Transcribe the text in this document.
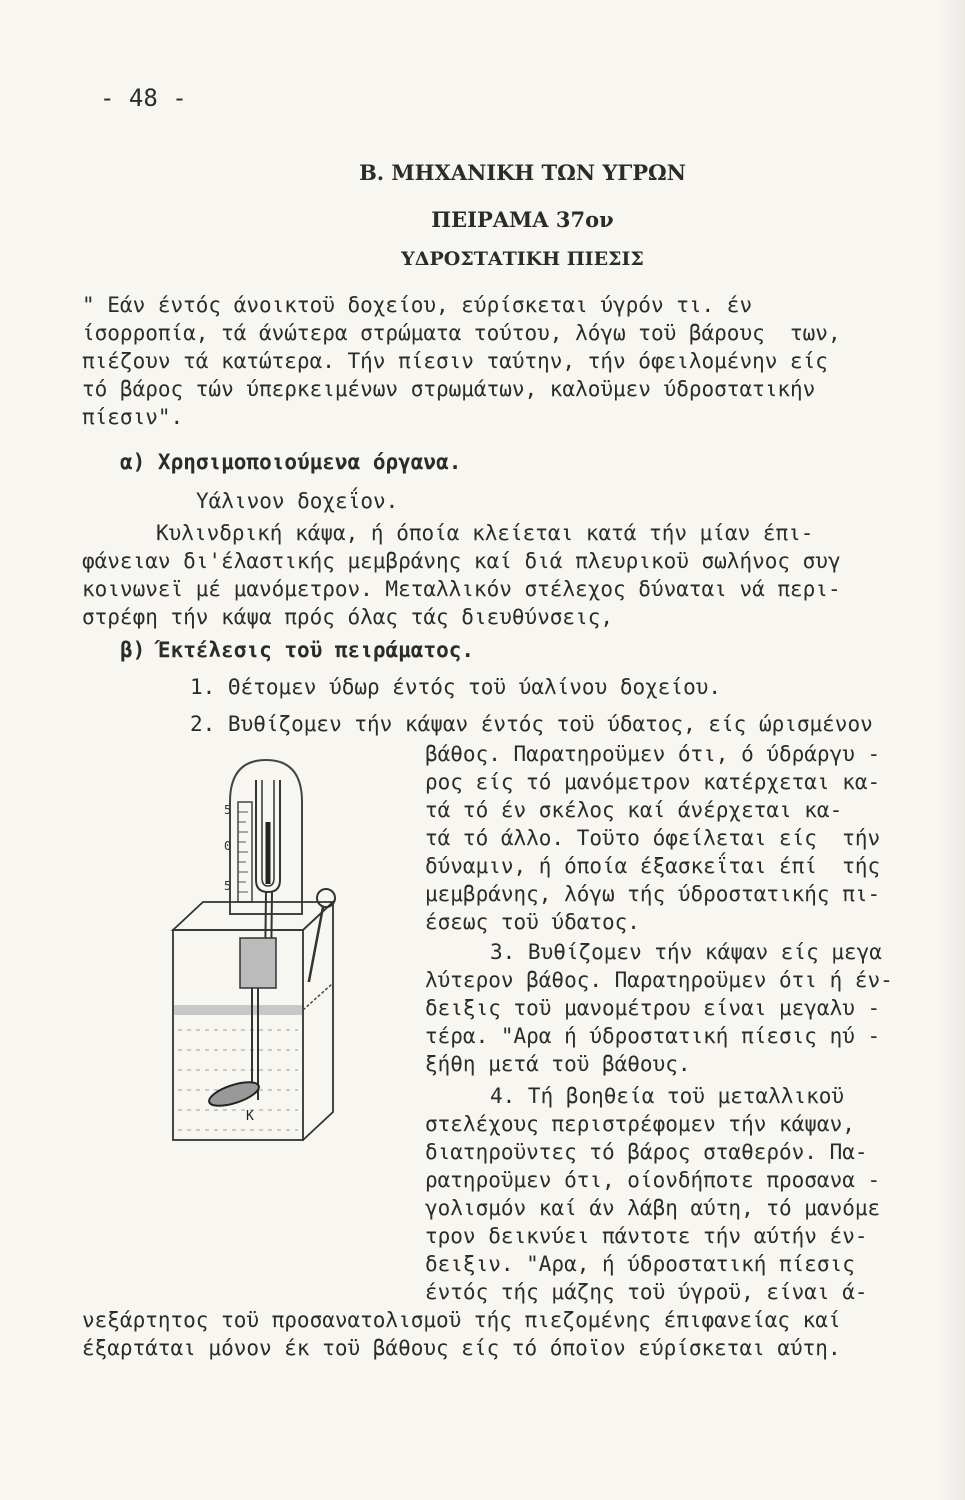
- 48 -
Β. ΜΗΧΑΝΙΚΗ ΤΩΝ ΥΓΡΩΝ
ΠΕΙΡΑΜΑ 37ον
ΥΔΡΟΣΤΑΤΙΚΗ ΠΙΕΣΙΣ
" Εάν έντός άνοικτοϋ δοχείου, εύρίσκεται ύγρόν τι. έν
ίσορροπία, τά άνώτερα στρώματα τούτου, λόγω τοϋ βάρους  των,
πιέζουν τά κατώτερα. Τήν πίεσιν ταύτην, τήν όφειλομένην είς
τό βάρος τών ύπερκειμένων στρωμάτων, καλοϋμεν ύδροστατικήν
πίεσιν".
α) Χρησιμοποιούμενα όργανα.
Υάλινον δοχεΐον.
Κυλινδρική κάψα, ή όποία κλείεται κατά τήν μίαν έπι-
φάνειαν δι'έλαστικής μεμβράνης καί διά πλευρικοϋ σωλήνος συγ
κοινωνεϊ μέ μανόμετρον. Μεταλλικόν στέλεχος δύναται νά περι-
στρέφη τήν κάψα πρός όλας τάς διευθύνσεις,
β) Έκτέλεσις τοϋ πειράματος.
1. Θέτομεν ύδωρ έντός τοϋ ύαλίνου δοχείου.
2. Βυθίζομεν τήν κάψαν έντός τοϋ ύδατος, είς ώρισμένον
βάθος. Παρατηροϋμεν ότι, ό ύδράργυ -
ρος είς τό μανόμετρον κατέρχεται κα-
τά τό έν σκέλος καί άνέρχεται κα-
τά τό άλλο. Τοϋτο όφείλεται είς  τήν
δύναμιν, ή όποία έξασκεΐται έπί  τής
μεμβράνης, λόγω τής ύδροστατικής πι-
έσεως τοϋ ύδατος.
3. Βυθίζομεν τήν κάψαν είς μεγα
λύτερον βάθος. Παρατηροϋμεν ότι ή έν-
δειξις τοϋ μανομέτρου είναι μεγαλυ -
τέρα. "Αρα ή ύδροστατική πίεσις ηύ -
ξήθη μετά τοϋ βάθους.
4. Τή βοηθεία τοϋ μεταλλικοϋ
στελέχους περιστρέφομεν τήν κάψαν,
διατηροϋντες τό βάρος σταθερόν. Πα-
ρατηροϋμεν ότι, οίονδήποτε προσανα -
γολισμόν καί άν λάβη αύτη, τό μανόμε
τρον δεικνύει πάντοτε τήν αύτήν έν-
δειξιν. "Αρα, ή ύδροστατική πίεσις
έντός τής μάζης τοϋ ύγροϋ, είναι ά-
νεξάρτητος τοϋ προσανατολισμοϋ τής πιεζομένης έπιφανείας καί
έξαρτάται μόνον έκ τοϋ βάθους είς τό όποϊον εύρίσκεται αύτη.
5
0
5
K
